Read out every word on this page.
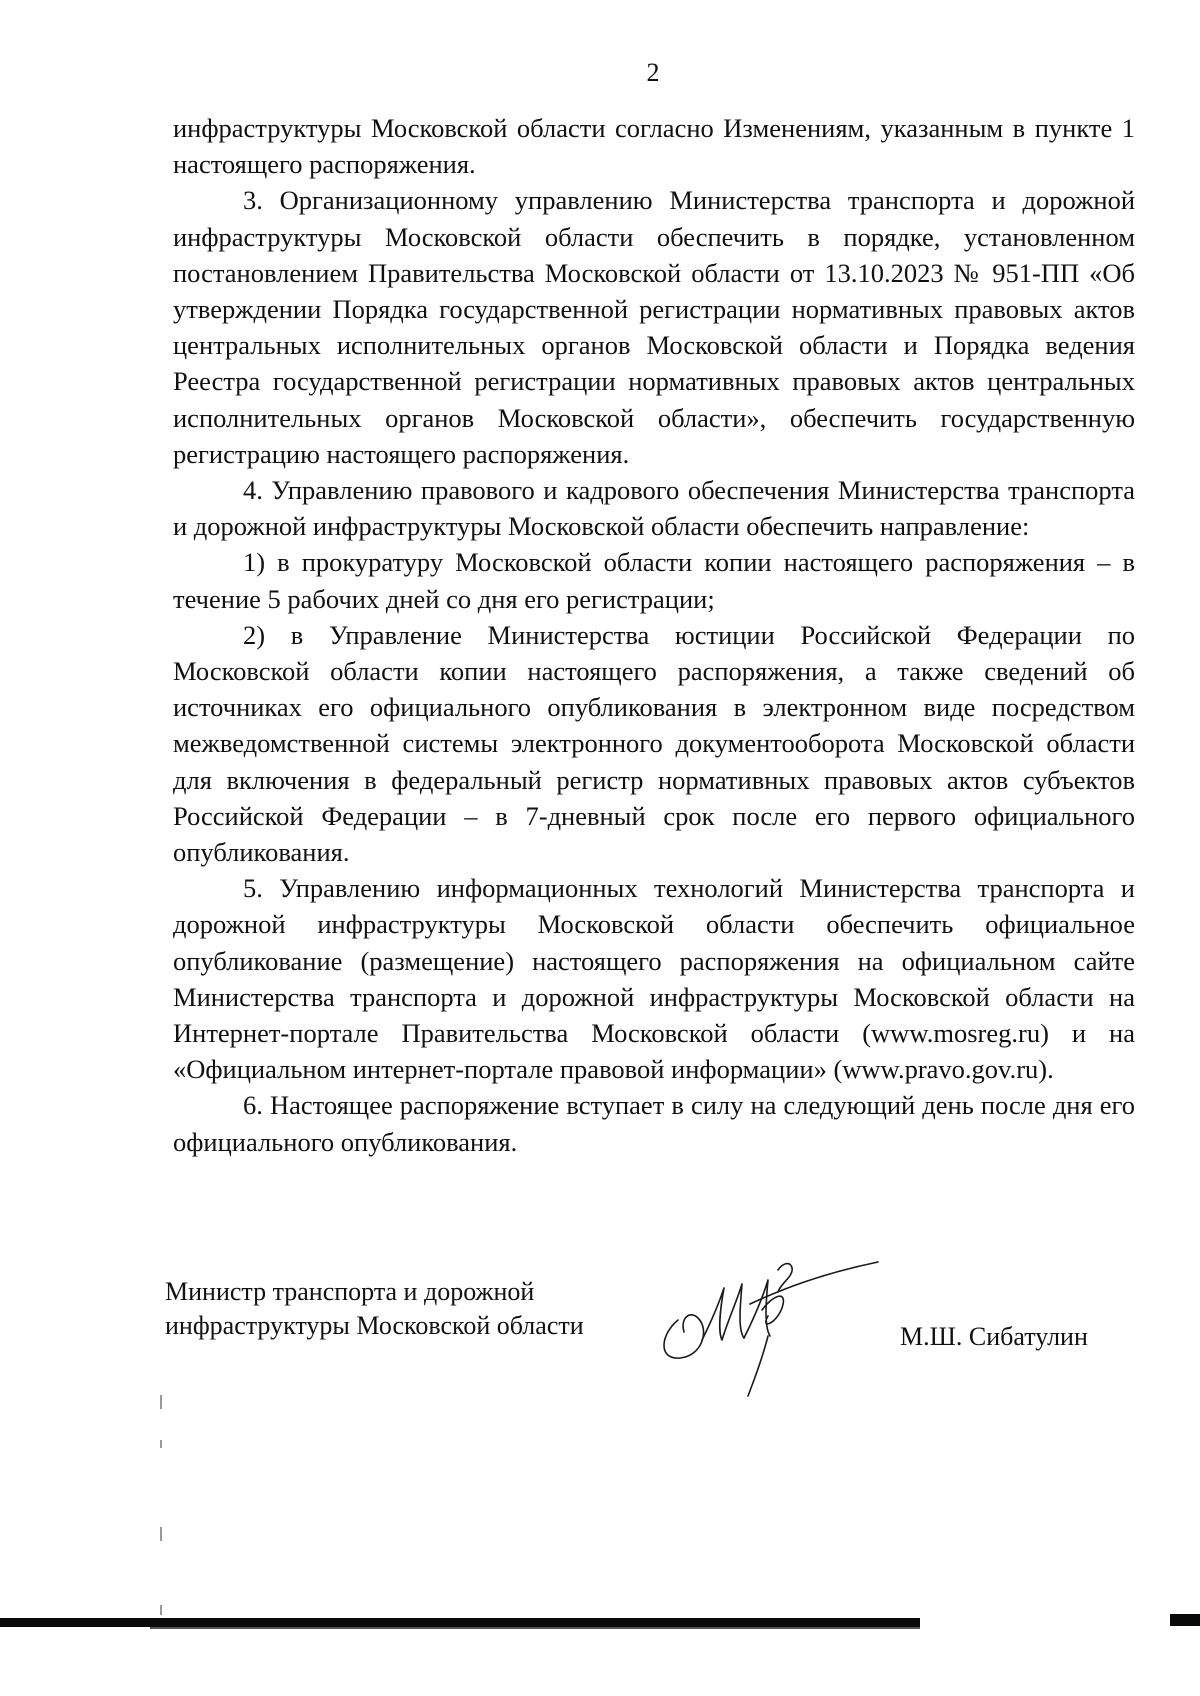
2

инфраструктуры Московской области согласно Изменениям, указанным в пункте 1 настоящего распоряжения.

3. Организационному управлению Министерства транспорта и дорожной инфраструктуры Московской области обеспечить в порядке, установленном постановлением Правительства Московской области от 13.10.2023 № 951-ПП «Об утверждении Порядка государственной регистрации нормативных правовых актов центральных исполнительных органов Московской области и Порядка ведения Реестра государственной регистрации нормативных правовых актов центральных исполнительных органов Московской области», обеспечить государственную регистрацию настоящего распоряжения.

4. Управлению правового и кадрового обеспечения Министерства транспорта и дорожной инфраструктуры Московской области обеспечить направление:

1) в прокуратуру Московской области копии настоящего распоряжения – в течение 5 рабочих дней со дня его регистрации;

2) в Управление Министерства юстиции Российской Федерации по Московской области копии настоящего распоряжения, а также сведений об источниках его официального опубликования в электронном виде посредством межведомственной системы электронного документооборота Московской области для включения в федеральный регистр нормативных правовых актов субъектов Российской Федерации – в 7-дневный срок после его первого официального опубликования.

5. Управлению информационных технологий Министерства транспорта и дорожной инфраструктуры Московской области обеспечить официальное опубликование (размещение) настоящего распоряжения на официальном сайте Министерства транспорта и дорожной инфраструктуры Московской области на Интернет-портале Правительства Московской области (www.mosreg.ru) и на «Официальном интернет-портале правовой информации» (www.pravo.gov.ru).

6. Настоящее распоряжение вступает в силу на следующий день после дня его официального опубликования.

Министр транспорта и дорожной
инфраструктуры Московской области	М.Ш. Сибатулин
